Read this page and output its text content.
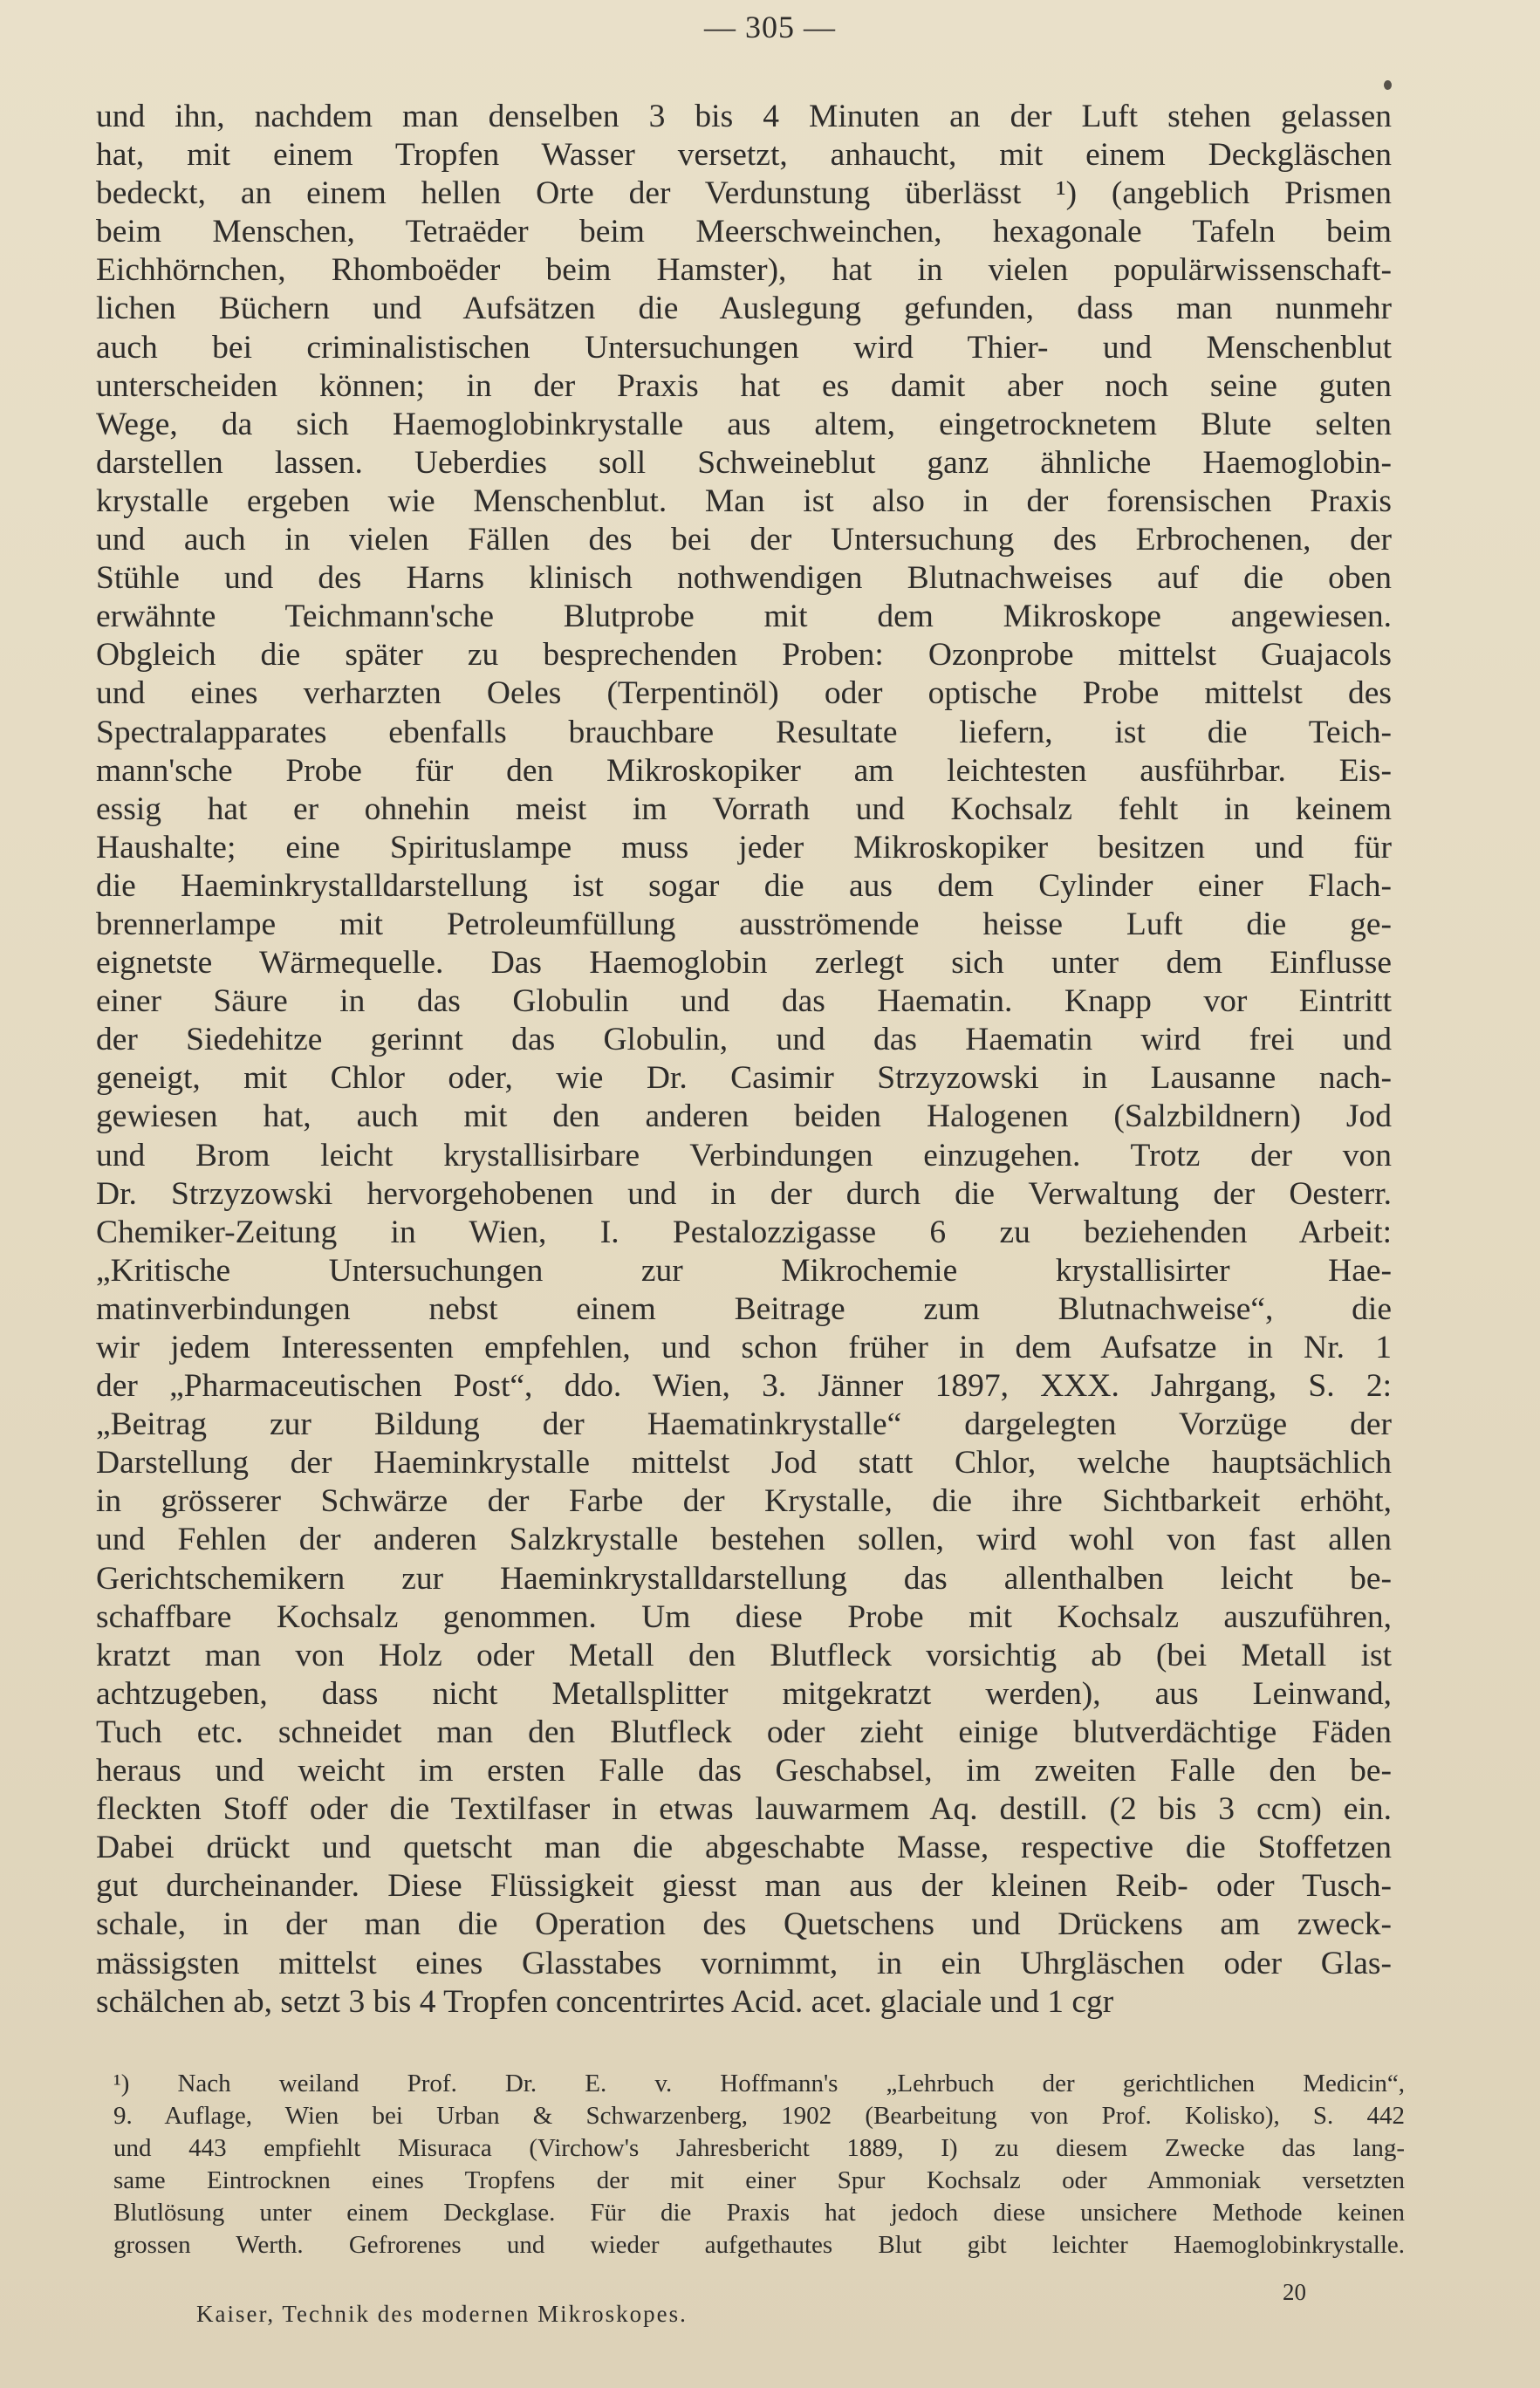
— 305 —
und ihn, nachdem man denselben 3 bis 4 Minuten an der Luft stehen gelassen
hat, mit einem Tropfen Wasser versetzt, anhaucht, mit einem Deckgläschen
bedeckt, an einem hellen Orte der Verdunstung überlässt ¹) (angeblich Prismen
beim Menschen, Tetraëder beim Meerschweinchen, hexagonale Tafeln beim
Eichhörnchen, Rhomboëder beim Hamster), hat in vielen populärwissenschaft-
lichen Büchern und Aufsätzen die Auslegung gefunden, dass man nunmehr
auch bei criminalistischen Untersuchungen wird Thier- und Menschenblut
unterscheiden können; in der Praxis hat es damit aber noch seine guten
Wege, da sich Haemoglobinkrystalle aus altem, eingetrocknetem Blute selten
darstellen lassen. Ueberdies soll Schweineblut ganz ähnliche Haemoglobin-
krystalle ergeben wie Menschenblut. Man ist also in der forensischen Praxis
und auch in vielen Fällen des bei der Untersuchung des Erbrochenen, der
Stühle und des Harns klinisch nothwendigen Blutnachweises auf die oben
erwähnte Teichmann'sche Blutprobe mit dem Mikroskope angewiesen.
Obgleich die später zu besprechenden Proben: Ozonprobe mittelst Guajacols
und eines verharzten Oeles (Terpentinöl) oder optische Probe mittelst des
Spectralapparates ebenfalls brauchbare Resultate liefern, ist die Teich-
mann'sche Probe für den Mikroskopiker am leichtesten ausführbar. Eis-
essig hat er ohnehin meist im Vorrath und Kochsalz fehlt in keinem
Haushalte; eine Spirituslampe muss jeder Mikroskopiker besitzen und für
die Haeminkrystalldarstellung ist sogar die aus dem Cylinder einer Flach-
brennerlampe mit Petroleumfüllung ausströmende heisse Luft die ge-
eignetste Wärmequelle. Das Haemoglobin zerlegt sich unter dem Einflusse
einer Säure in das Globulin und das Haematin. Knapp vor Eintritt
der Siedehitze gerinnt das Globulin, und das Haematin wird frei und
geneigt, mit Chlor oder, wie Dr. Casimir Strzyzowski in Lausanne nach-
gewiesen hat, auch mit den anderen beiden Halogenen (Salzbildnern) Jod
und Brom leicht krystallisirbare Verbindungen einzugehen. Trotz der von
Dr. Strzyzowski hervorgehobenen und in der durch die Verwaltung der Oesterr.
Chemiker-Zeitung in Wien, I. Pestalozzigasse 6 zu beziehenden Arbeit:
„Kritische Untersuchungen zur Mikrochemie krystallisirter Hae-
matinverbindungen nebst einem Beitrage zum Blutnachweise“, die
wir jedem Interessenten empfehlen, und schon früher in dem Aufsatze in Nr. 1
der „Pharmaceutischen Post“, ddo. Wien, 3. Jänner 1897, XXX. Jahrgang, S. 2:
„Beitrag zur Bildung der Haematinkrystalle“ dargelegten Vorzüge der
Darstellung der Haeminkrystalle mittelst Jod statt Chlor, welche hauptsächlich
in grösserer Schwärze der Farbe der Krystalle, die ihre Sichtbarkeit erhöht,
und Fehlen der anderen Salzkrystalle bestehen sollen, wird wohl von fast allen
Gerichtschemikern zur Haeminkrystalldarstellung das allenthalben leicht be-
schaffbare Kochsalz genommen. Um diese Probe mit Kochsalz auszuführen,
kratzt man von Holz oder Metall den Blutfleck vorsichtig ab (bei Metall ist
achtzugeben, dass nicht Metallsplitter mitgekratzt werden), aus Leinwand,
Tuch etc. schneidet man den Blutfleck oder zieht einige blutverdächtige Fäden
heraus und weicht im ersten Falle das Geschabsel, im zweiten Falle den be-
fleckten Stoff oder die Textilfaser in etwas lauwarmem Aq. destill. (2 bis 3 ccm) ein.
Dabei drückt und quetscht man die abgeschabte Masse, respective die Stoffetzen
gut durcheinander. Diese Flüssigkeit giesst man aus der kleinen Reib- oder Tusch-
schale, in der man die Operation des Quetschens und Drückens am zweck-
mässigsten mittelst eines Glasstabes vornimmt, in ein Uhrgläschen oder Glas-
schälchen ab, setzt 3 bis 4 Tropfen concentrirtes Acid. acet. glaciale und 1 cgr
¹) Nach weiland Prof. Dr. E. v. Hoffmann's „Lehrbuch der gerichtlichen Medicin“,
9. Auflage, Wien bei Urban & Schwarzenberg, 1902 (Bearbeitung von Prof. Kolisko), S. 442
und 443 empfiehlt Misuraca (Virchow's Jahresbericht 1889, I) zu diesem Zwecke das lang-
same Eintrocknen eines Tropfens der mit einer Spur Kochsalz oder Ammoniak versetzten
Blutlösung unter einem Deckglase. Für die Praxis hat jedoch diese unsichere Methode keinen
grossen Werth. Gefrorenes und wieder aufgethautes Blut gibt leichter Haemoglobinkrystalle.
20
Kaiser, Technik des modernen Mikroskopes.
